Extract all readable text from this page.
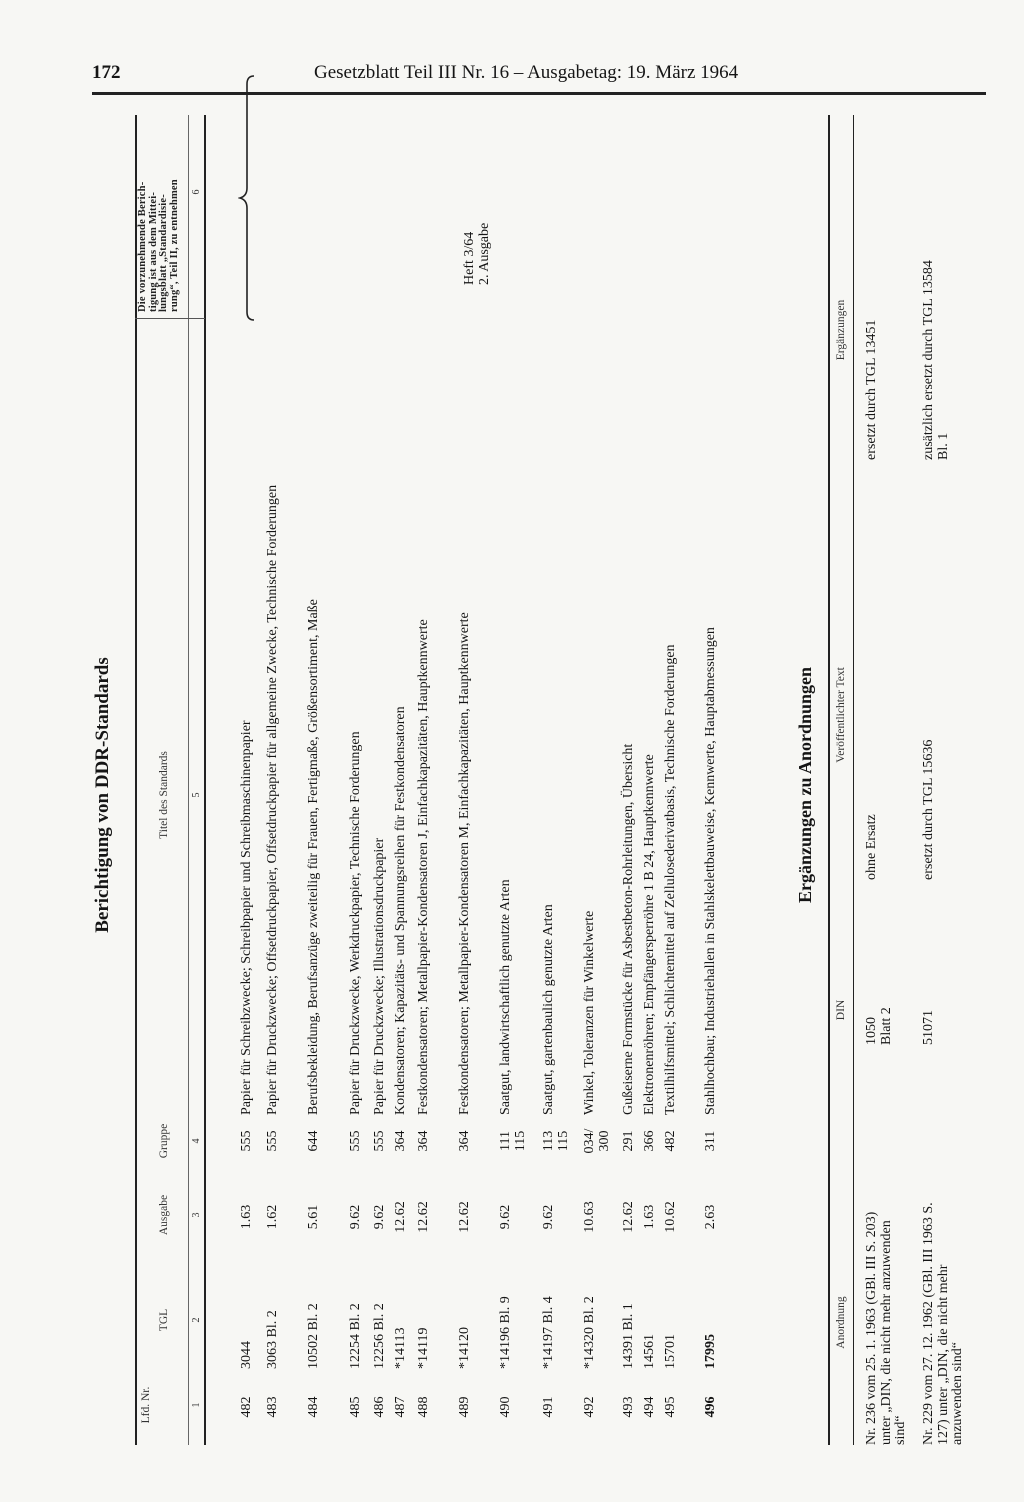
172	Gesetzblatt Teil III Nr. 16 – Ausgabetag: 19. März 1964
Berichtigung von DDR-Standards
Lfd. Nr.
TGL
Ausgabe
Gruppe
Titel des Standards
Die vorzunehmende Berich- tigung ist aus dem Mittei- lungsblatt „Standardisie- rung“, Teil II, zu entnehmen
1
2
3
4
5
6
482
3044
1.63
555
Papier für Schreibzwecke; Schreibpapier und Schreibmaschinenpapier
483
3063 Bl. 2
1.62
555
Papier für Druckzwecke; Offsetdruckpapier, Offsetdruckpapier für allgemeine Zwecke, Technische Forderungen
484
10502 Bl. 2
5.61
644
Berufsbekleidung, Berufsanzüge zweiteilig für Frauen, Fertigmaße, Größensortiment, Maße
485
12254 Bl. 2
9.62
555
Papier für Druckzwecke, Werkdruckpapier, Technische Forderungen
486
12256 Bl. 2
9.62
555
Papier für Druckzwecke; Illustrationsdruckpapier
487
*14113
12.62
364
Kondensatoren; Kapazitäts- und Spannungsreihen für Festkondensatoren
488
*14119
12.62
364
Festkondensatoren; Metallpapier-Kondensatoren J, Einfachkapazitäten, Hauptkennwerte
489
*14120
12.62
364
Festkondensatoren; Metallpapier-Kondensatoren M, Einfachkapazitäten, Hauptkennwerte
490
*14196 Bl. 9
9.62
111
115
Saatgut, landwirtschaftlich genutzte Arten
491
*14197 Bl. 4
9.62
113
115
Saatgut, gartenbaulich genutzte Arten
492
*14320 Bl. 2
10.63
034/
300
Winkel, Toleranzen für Winkelwerte
493
14391 Bl. 1
12.62
291
Gußeiserne Formstücke für Asbestbeton-Rohrleitungen, Übersicht
494
14561
1.63
366
Elektronenröhren; Empfängersperröhre 1 B 24, Hauptkennwerte
495
15701
10.62
482
Textilhilfsmittel; Schlichtemittel auf Zellulosederivatbasis, Technische Forderungen
496
17995
2.63
311
Stahlhochbau; Industriehallen in Stahlskelettbauweise, Kennwerte, Hauptabmessungen
Heft 3/64
2. Ausgabe
Ergänzungen zu Anordnungen
Anordnung
DIN
Veröffentlichter Text
Ergänzungen
Nr. 236 vom 25. 1. 1963 (GBl. III S. 203) unter „DIN, die nicht mehr anzuwenden sind“
1050
Blatt 2
ohne Ersatz
ersetzt durch TGL 13451
Nr. 229 vom 27. 12. 1962 (GBl. III 1963 S. 127) unter „DIN, die nicht mehr anzuwenden sind“
51071
ersetzt durch TGL 15636
zusätzlich ersetzt durch TGL 13584
Bl. 1
